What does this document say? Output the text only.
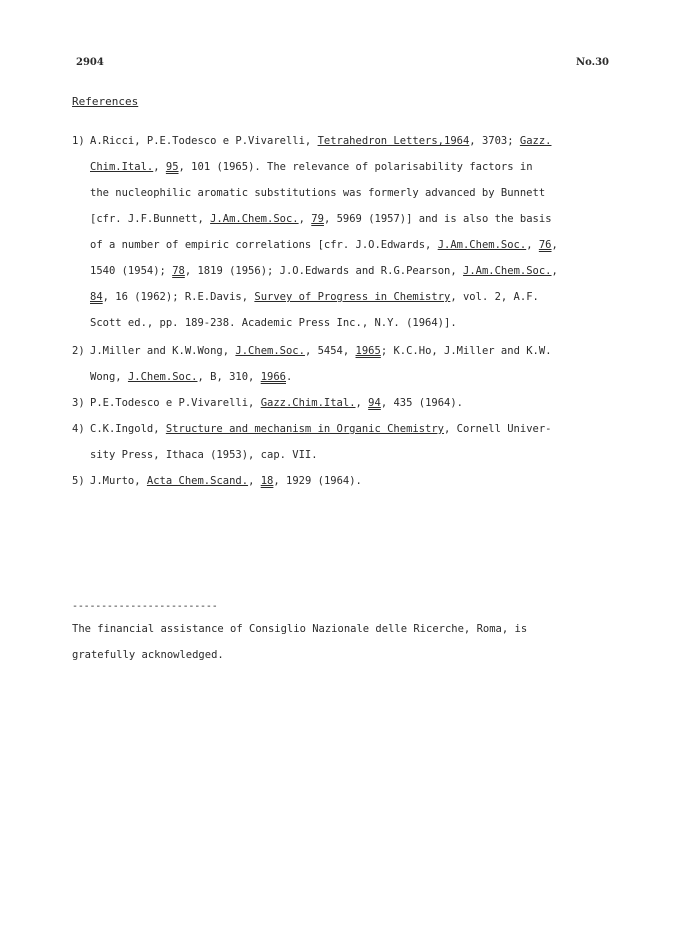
2904	No.30
References
1) A.Ricci, P.E.Todesco e P.Vivarelli, Tetrahedron Letters,1964, 3703; Gazz.
Chim.Ital., 95, 101 (1965). The relevance of polarisability factors in
the nucleophilic aromatic substitutions was formerly advanced by Bunnett
[cfr. J.F.Bunnett, J.Am.Chem.Soc., 79, 5969 (1957)] and is also the basis
of a number of empiric correlations [cfr. J.O.Edwards, J.Am.Chem.Soc., 76,
1540 (1954); 78, 1819 (1956); J.O.Edwards and R.G.Pearson, J.Am.Chem.Soc.,
84, 16 (1962); R.E.Davis, Survey of Progress in Chemistry, vol. 2, A.F.
Scott ed., pp. 189-238. Academic Press Inc., N.Y. (1964)].
2) J.Miller and K.W.Wong, J.Chem.Soc., 5454, 1965; K.C.Ho, J.Miller and K.W.
Wong, J.Chem.Soc., B, 310, 1966.
3) P.E.Todesco e P.Vivarelli, Gazz.Chim.Ital., 94, 435 (1964).
4) C.K.Ingold, Structure and mechanism in Organic Chemistry, Cornell Univer-
sity Press, Ithaca (1953), cap. VII.
5) J.Murto, Acta Chem.Scand., 18, 1929 (1964).
-------------------------
The financial assistance of Consiglio Nazionale delle Ricerche, Roma, is
gratefully acknowledged.
